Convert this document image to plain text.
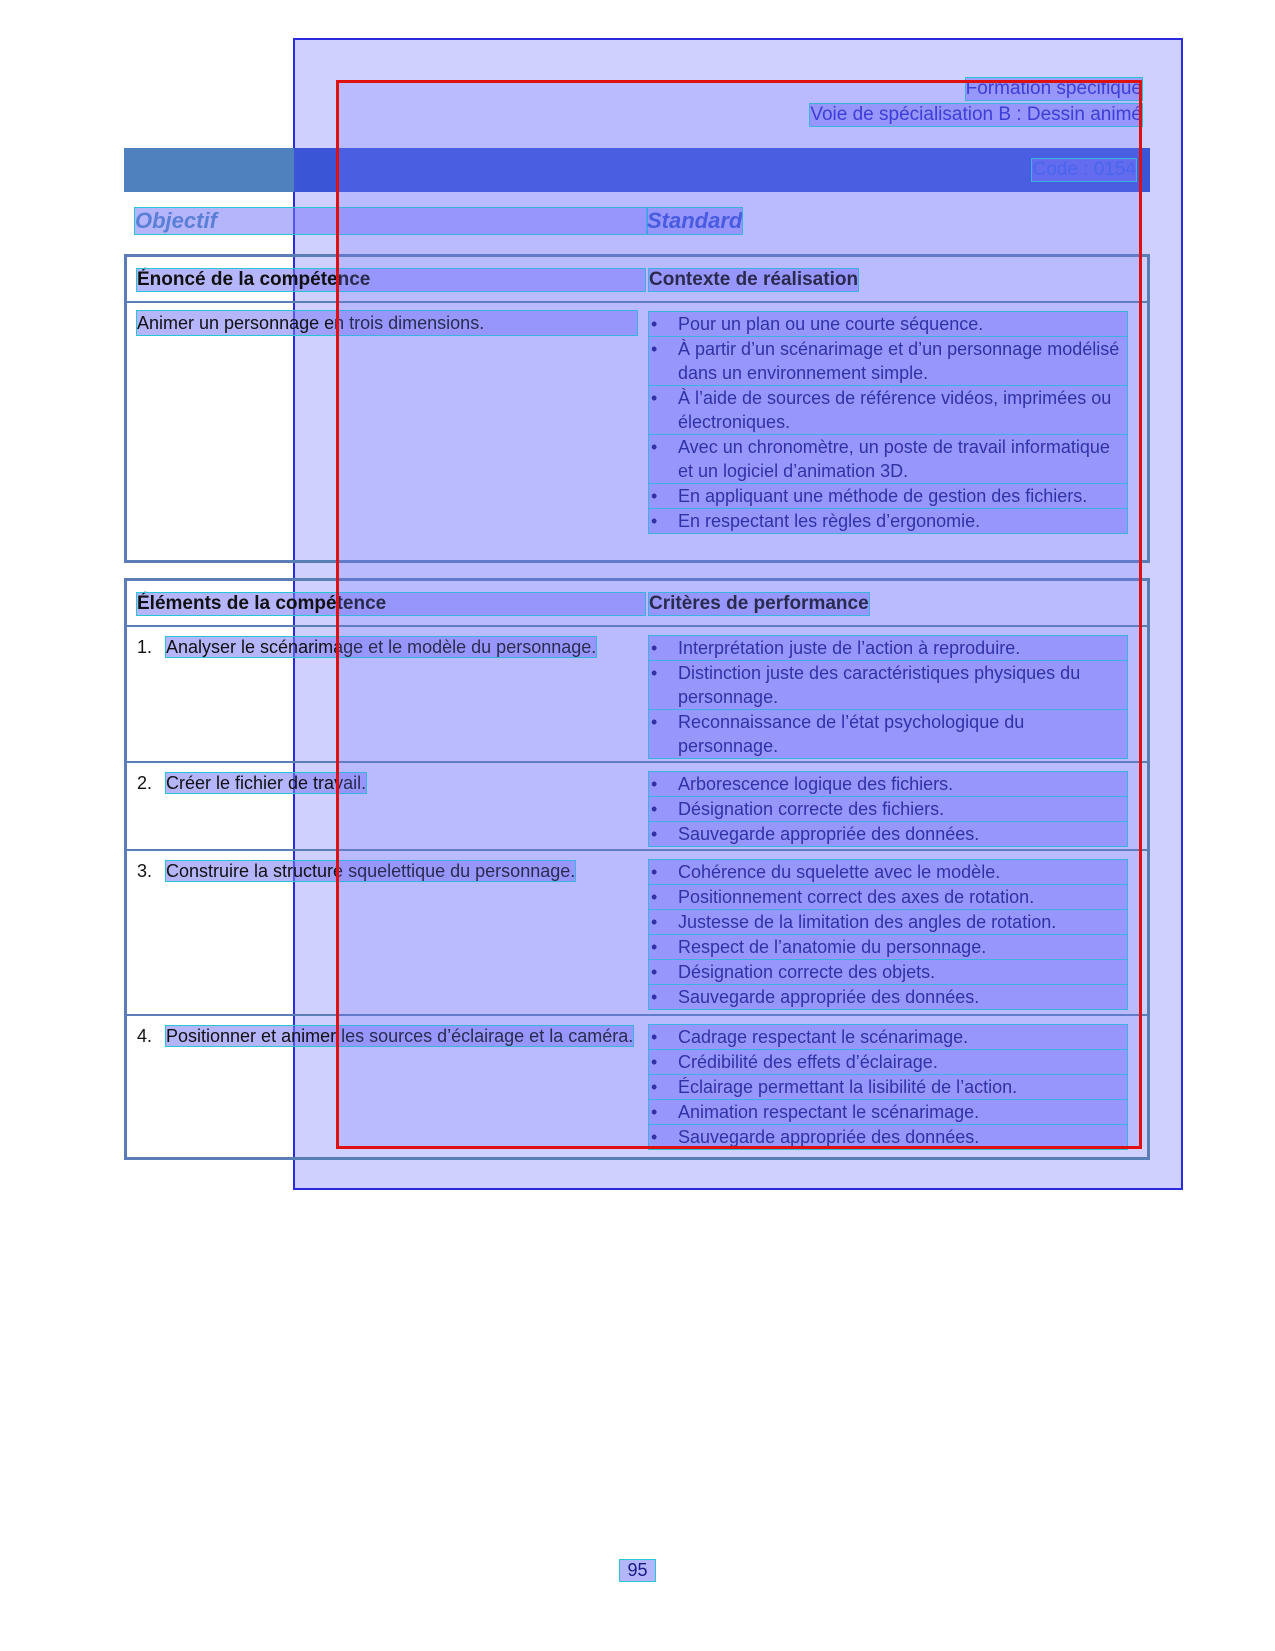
Formation spécifique
Voie de spécialisation B : Dessin animé
Code : 0154
Objectif	Standard
Énoncé de la compétence	Contexte de réalisation
Animer un personnage en trois dimensions.	• Pour un plan ou une courte séquence.
• À partir d’un scénarimage et d’un personnage modélisé dans un environnement simple.
• À l’aide de sources de référence vidéos, imprimées ou électroniques.
• Avec un chronomètre, un poste de travail informatique et un logiciel d’animation 3D.
• En appliquant une méthode de gestion des fichiers.
• En respectant les règles d’ergonomie.
Éléments de la compétence	Critères de performance
1. Analyser le scénarimage et le modèle du personnage.	• Interprétation juste de l’action à reproduire.
• Distinction juste des caractéristiques physiques du personnage.
• Reconnaissance de l’état psychologique du personnage.
2. Créer le fichier de travail.	• Arborescence logique des fichiers.
• Désignation correcte des fichiers.
• Sauvegarde appropriée des données.
3. Construire la structure squelettique du personnage.	• Cohérence du squelette avec le modèle.
• Positionnement correct des axes de rotation.
• Justesse de la limitation des angles de rotation.
• Respect de l’anatomie du personnage.
• Désignation correcte des objets.
• Sauvegarde appropriée des données.
4. Positionner et animer les sources d’éclairage et la caméra.	• Cadrage respectant le scénarimage.
• Crédibilité des effets d’éclairage.
• Éclairage permettant la lisibilité de l’action.
• Animation respectant le scénarimage.
• Sauvegarde appropriée des données.
95
